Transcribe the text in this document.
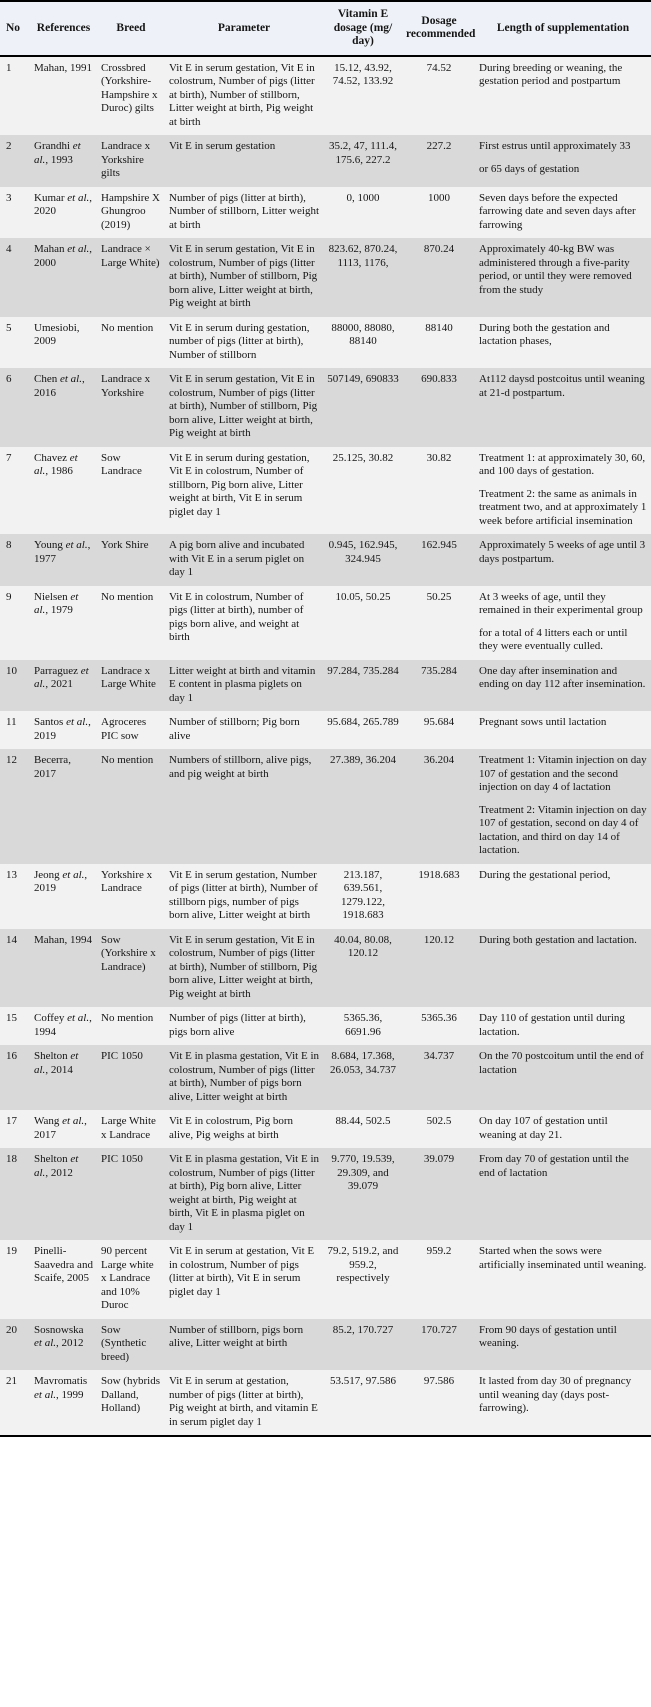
No	References	Breed	Parameter	Vitamin E dosage (mg/ day)	Dosage recommended	Length of supplementation
1	Mahan, 1991	Crossbred (Yorkshire-Hampshire x Duroc) gilts	Vit E in serum gestation, Vit E in colostrum, Number of pigs (litter at birth), Number of stillborn, Litter weight at birth, Pig weight at birth	15.12, 43.92, 74.52, 133.92	74.52	During breeding or weaning, the gestation period and postpartum

2	Grandhi et al., 1993	Landrace x Yorkshire gilts	Vit E in serum gestation	35.2, 47, 111.4, 175.6, 227.2	227.2	First estrus until approximately 33

or 65 days of gestation

3	Kumar et al., 2020	Hampshire X Ghungroo (2019)	Number of pigs (litter at birth), Number of stillborn, Litter weight at birth	0, 1000	1000	Seven days before the expected farrowing date and seven days after farrowing

4	Mahan et al., 2000	Landrace × Large White)	Vit E in serum gestation, Vit E in colostrum, Number of pigs (litter at birth), Number of stillborn, Pig born alive, Litter weight at birth, Pig weight at birth	823.62, 870.24, 1113, 1176,	870.24	Approximately 40-kg BW was administered through a five-parity period, or until they were removed from the study

5	Umesiobi, 2009	No mention	Vit E in serum during gestation, number of pigs (litter at birth), Number of stillborn	88000, 88080, 88140	88140	During both the gestation and lactation phases,

6	Chen et al., 2016	Landrace x Yorkshire	Vit E in serum gestation, Vit E in colostrum, Number of pigs (litter at birth), Number of stillborn, Pig born alive, Litter weight at birth, Pig weight at birth	507149, 690833	690.833	At112 daysd postcoitus until weaning at 21-d postpartum.

7	Chavez et al., 1986	Sow Landrace	Vit E in serum during gestation, Vit E in colostrum, Number of stillborn, Pig born alive, Litter weight at birth, Vit E in serum piglet day 1	25.125, 30.82	30.82	Treatment 1: at approximately 30, 60, and 100 days of gestation.

Treatment 2: the same as animals in treatment two, and at approximately 1 week before artificial insemination

8	Young et al., 1977	York Shire	A pig born alive and incubated with Vit E in a serum piglet on day 1	0.945, 162.945, 324.945	162.945	Approximately 5 weeks of age until 3 days postpartum.

9	Nielsen et al., 1979	No mention	Vit E in colostrum, Number of pigs (litter at birth), number of pigs born alive, and weight at birth	10.05, 50.25	50.25	At 3 weeks of age, until they remained in their experimental group

for a total of 4 litters each or until they were eventually culled.

10	Parraguez et al., 2021	Landrace x Large White	Litter weight at birth and vitamin E content in plasma piglets on day 1	97.284, 735.284	735.284	One day after insemination and ending on day 112 after insemination.

11	Santos et al., 2019	Agroceres PIC sow	Number of stillborn; Pig born alive	95.684, 265.789	95.684	Pregnant sows until lactation

12	Becerra, 2017	No mention	Numbers of stillborn, alive pigs, and pig weight at birth	27.389, 36.204	36.204	Treatment 1: Vitamin injection on day 107 of gestation and the second injection on day 4 of lactation

Treatment 2: Vitamin injection on day 107 of gestation, second on day 4 of lactation, and third on day 14 of lactation.

13	Jeong et al., 2019	Yorkshire x Landrace	Vit E in serum gestation, Number of pigs (litter at birth), Number of stillborn pigs, number of pigs born alive, Litter weight at birth	213.187, 639.561, 1279.122, 1918.683	1918.683	During the gestational period,

14	Mahan, 1994	Sow (Yorkshire x Landrace)	Vit E in serum gestation, Vit E in colostrum, Number of pigs (litter at birth), Number of stillborn, Pig born alive, Litter weight at birth, Pig weight at birth	40.04, 80.08, 120.12	120.12	During both gestation and lactation.

15	Coffey et al., 1994	No mention	Number of pigs (litter at birth), pigs born alive	5365.36, 6691.96	5365.36	Day 110 of gestation until during lactation.

16	Shelton et al., 2014	PIC 1050	Vit E in plasma gestation, Vit E in colostrum, Number of pigs (litter at birth), Number of pigs born alive, Litter weight at birth	8.684, 17.368, 26.053, 34.737	34.737	On the 70 postcoitum until the end of lactation

17	Wang et al., 2017	Large White x Landrace	Vit E in colostrum, Pig born alive, Pig weighs at birth	88.44, 502.5	502.5	On day 107 of gestation until weaning at day 21.

18	Shelton et al., 2012	PIC 1050	Vit E in plasma gestation, Vit E in colostrum, Number of pigs (litter at birth), Pig born alive, Litter weight at birth, Pig weight at birth, Vit E in plasma piglet on day 1	9.770, 19.539, 29.309, and 39.079	39.079	From day 70 of gestation until the end of lactation

19	Pinelli-Saavedra and Scaife, 2005	90 percent Large white x Landrace and 10% Duroc	Vit E in serum at gestation, Vit E in colostrum, Number of pigs (litter at birth), Vit E in serum piglet day 1	79.2, 519.2, and 959.2, respectively	959.2	Started when the sows were artificially inseminated until weaning.

20	Sosnowska et al., 2012	Sow (Synthetic breed)	Number of stillborn, pigs born alive, Litter weight at birth	85.2, 170.727	170.727	From 90 days of gestation until weaning.

21	Mavromatis et al., 1999	Sow (hybrids Dalland, Holland)	Vit E in serum at gestation, number of pigs (litter at birth), Pig weight at birth, and vitamin E in serum piglet day 1	53.517, 97.586	97.586	It lasted from day 30 of pregnancy until weaning day (days post-farrowing).
